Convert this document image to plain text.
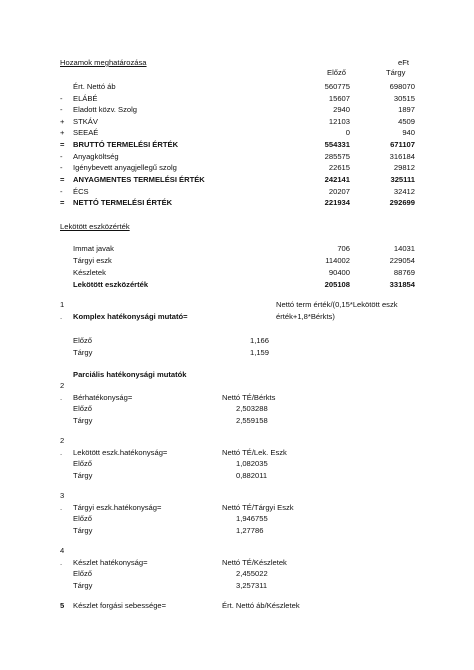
Hozamok meghatározása	eFt
Előző	Tárgy
Ért. Nettó áb	560775	698070
- ELÁBÉ	15607	30515
- Eladott közv. Szolg	2940	1897
+ STKÁV	12103	4509
+ SEEAÉ	0	940
= BRUTTÓ TERMELÉSI ÉRTÉK	554331	671107
- Anyagköltség	285575	316184
- Igénybevett anyagjellegű szolg	22615	29812
= ANYAGMENTES TERMELÉSI ÉRTÉK	242141	325111
- ÉCS	20207	32412
= NETTÓ TERMELÉSI ÉRTÉK	221934	292699
Lekötött eszközérték
Immat javak	706	14031
Tárgyi eszk	114002	229054
Készletek	90400	88769
Lekötött eszközérték	205108	331854
1	Nettó term érték/(0,15*Lekötött eszk
. Komplex hatékonysági mutató=	érték+1,8*Bérkts)
Előző	1,166
Tárgy	1,159
Parciális hatékonysági mutatók
2
. Bérhatékonyság=	Nettó TÉ/Bérkts
Előző	2,503288
Tárgy	2,559158
2
. Lekötött eszk.hatékonyság=	Nettó TÉ/Lek. Eszk
Előző	1,082035
Tárgy	0,882011
3
. Tárgyi eszk.hatékonyság=	Nettó TÉ/Tárgyi Eszk
Előző	1,946755
Tárgy	1,27786
4
. Készlet hatékonyság=	Nettó TÉ/Készletek
Előző	2,455022
Tárgy	3,257311
5 Készlet forgási sebessége=	Ért. Nettó áb/Készletek
